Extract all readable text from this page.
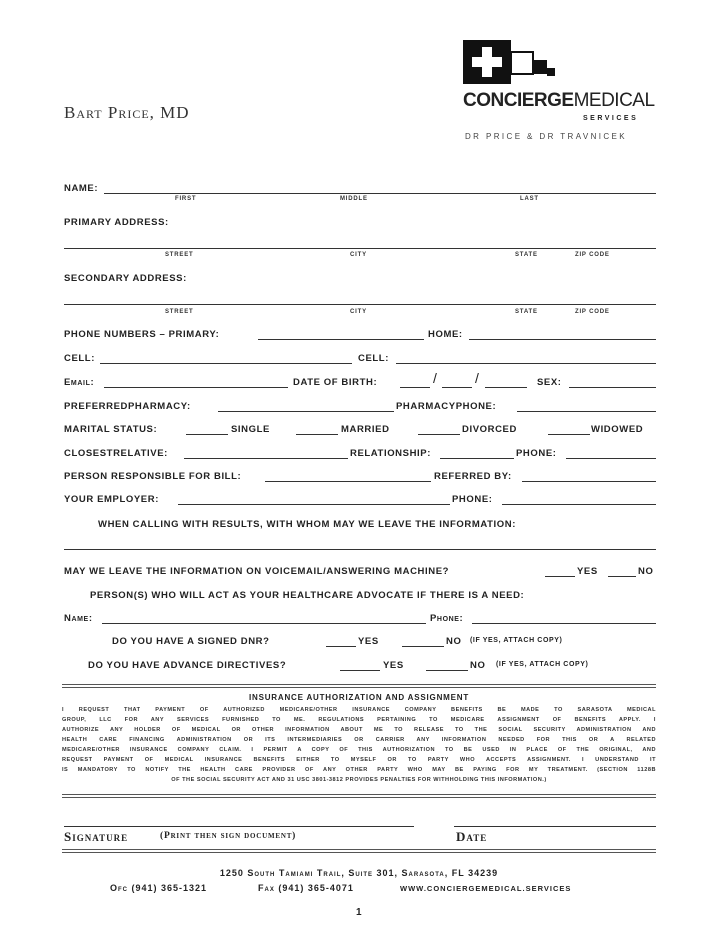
Bart Price, MD
CONCIERGEMEDICAL
SERVICES
DR PRICE & DR TRAVNICEK
NAME:
FIRST	MIDDLE	LAST
PRIMARY ADDRESS:
STREET	CITY	STATE	ZIP CODE
SECONDARY ADDRESS:
STREET	CITY	STATE	ZIP CODE
PHONE NUMBERS – PRIMARY:	HOME:
CELL:	CELL:
Email:	DATE OF BIRTH:	/	/	SEX:
PREFERREDPHARMACY:	PHARMACYPHONE:
MARITAL STATUS:	SINGLE	MARRIED	DIVORCED	WIDOWED
CLOSESTRELATIVE:	RELATIONSHIP:	PHONE:
PERSON RESPONSIBLE FOR BILL:	REFERRED BY:
YOUR EMPLOYER:	PHONE:
WHEN CALLING WITH RESULTS, WITH WHOM MAY WE LEAVE THE INFORMATION:
MAY WE LEAVE THE INFORMATION ON VOICEMAIL/ANSWERING MACHINE?	YES	NO
PERSON(S) WHO WILL ACT AS YOUR HEALTHCARE ADVOCATE IF THERE IS A NEED:
Name:	Phone:
DO YOU HAVE A SIGNED DNR?	YES	NO (IF YES, ATTACH COPY)
DO YOU HAVE ADVANCE DIRECTIVES?	YES	NO (IF YES, ATTACH COPY)
INSURANCE AUTHORIZATION AND ASSIGNMENT
I REQUEST THAT PAYMENT OF AUTHORIZED MEDICARE/OTHER INSURANCE COMPANY BENEFITS BE MADE TO SARASOTA MEDICAL
GROUP, LLC FOR ANY SERVICES FURNISHED TO ME. REGULATIONS PERTAINING TO MEDICARE ASSIGNMENT OF BENEFITS APPLY. I
AUTHORIZE ANY HOLDER OF MEDICAL OR OTHER INFORMATION ABOUT ME TO RELEASE TO THE SOCIAL SECURITY ADMINISTRATION AND
HEALTH CARE FINANCING ADMINISTRATION OR ITS INTERMEDIARIES OR CARRIER ANY INFORMATION NEEDED FOR THIS OR A RELATED
MEDICARE/OTHER INSURANCE COMPANY CLAIM. I PERMIT A COPY OF THIS AUTHORIZATION TO BE USED IN PLACE OF THE ORIGINAL, AND
REQUEST PAYMENT OF MEDICAL INSURANCE BENEFITS EITHER TO MYSELF OR TO PARTY WHO ACCEPTS ASSIGNMENT. I UNDERSTAND IT
IS MANDATORY TO NOTIFY THE HEALTH CARE PROVIDER OF ANY OTHER PARTY WHO MAY BE PAYING FOR MY TREATMENT. (SECTION 1128B
OF THE SOCIAL SECURITY ACT AND 31 USC 3801-3812 PROVIDES PENALTIES FOR WITHHOLDING THIS INFORMATION.)
Signature	(Print then sign document)	Date
1250 South Tamiami Trail, Suite 301, Sarasota, FL 34239
Ofc (941) 365-1321	Fax (941) 365-4071	WWW.CONCIERGEMEDICAL.SERVICES
1
